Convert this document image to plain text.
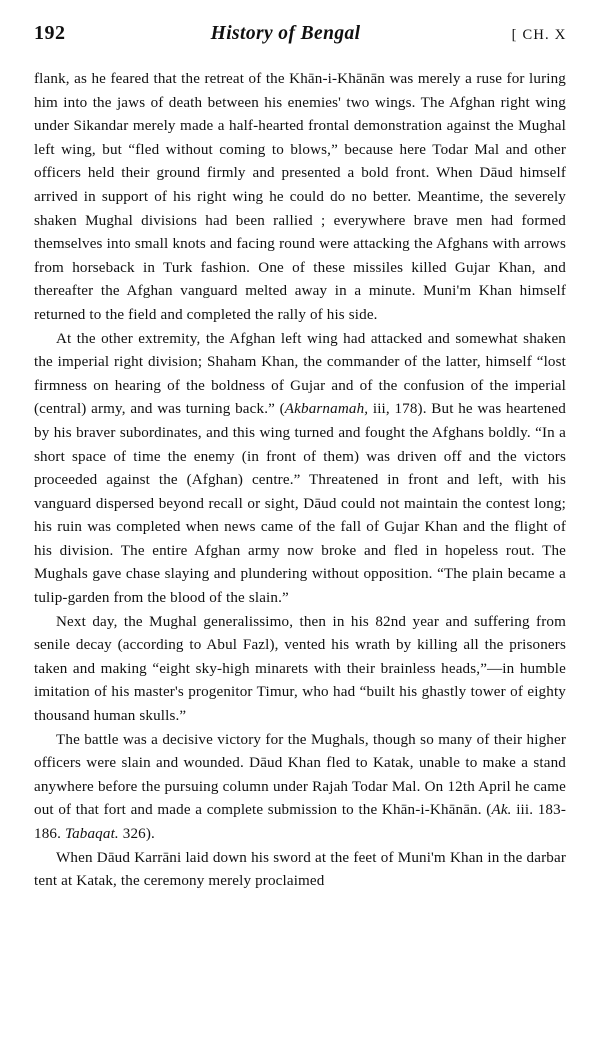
192	History of Bengal	[ CH. X

flank, as he feared that the retreat of the Khān-i-Khānān was merely a ruse for luring him into the jaws of death between his enemies' two wings. The Afghan right wing under Sikandar merely made a half-hearted frontal demonstration against the Mughal left wing, but “fled without coming to blows,” because here Todar Mal and other officers held their ground firmly and presented a bold front. When Dāud himself arrived in support of his right wing he could do no better. Meantime, the severely shaken Mughal divisions had been rallied ; everywhere brave men had formed themselves into small knots and facing round were attacking the Afghans with arrows from horseback in Turk fashion. One of these missiles killed Gujar Khan, and thereafter the Afghan vanguard melted away in a minute. Muni'm Khan himself returned to the field and completed the rally of his side.

At the other extremity, the Afghan left wing had attacked and somewhat shaken the imperial right division; Shaham Khan, the commander of the latter, himself “lost firmness on hearing of the boldness of Gujar and of the confusion of the imperial (central) army, and was turning back.” (Akbarnamah, iii, 178). But he was heartened by his braver subordinates, and this wing turned and fought the Afghans boldly. “In a short space of time the enemy (in front of them) was driven off and the victors proceeded against the (Afghan) centre.” Threatened in front and left, with his vanguard dispersed beyond recall or sight, Dāud could not maintain the contest long; his ruin was completed when news came of the fall of Gujar Khan and the flight of his division. The entire Afghan army now broke and fled in hopeless rout. The Mughals gave chase slaying and plundering without opposition. “The plain became a tulip-garden from the blood of the slain.”

Next day, the Mughal generalissimo, then in his 82nd year and suffering from senile decay (according to Abul Fazl), vented his wrath by killing all the prisoners taken and making “eight sky-high minarets with their brainless heads,”—in humble imitation of his master's progenitor Timur, who had “built his ghastly tower of eighty thousand human skulls.”

The battle was a decisive victory for the Mughals, though so many of their higher officers were slain and wounded. Dāud Khan fled to Katak, unable to make a stand anywhere before the pursuing column under Rajah Todar Mal. On 12th April he came out of that fort and made a complete submission to the Khān-i-Khānān. (Ak. iii. 183-186. Tabaqat. 326).

When Dāud Karrāni laid down his sword at the feet of Muni'm Khan in the darbar tent at Katak, the ceremony merely proclaimed
